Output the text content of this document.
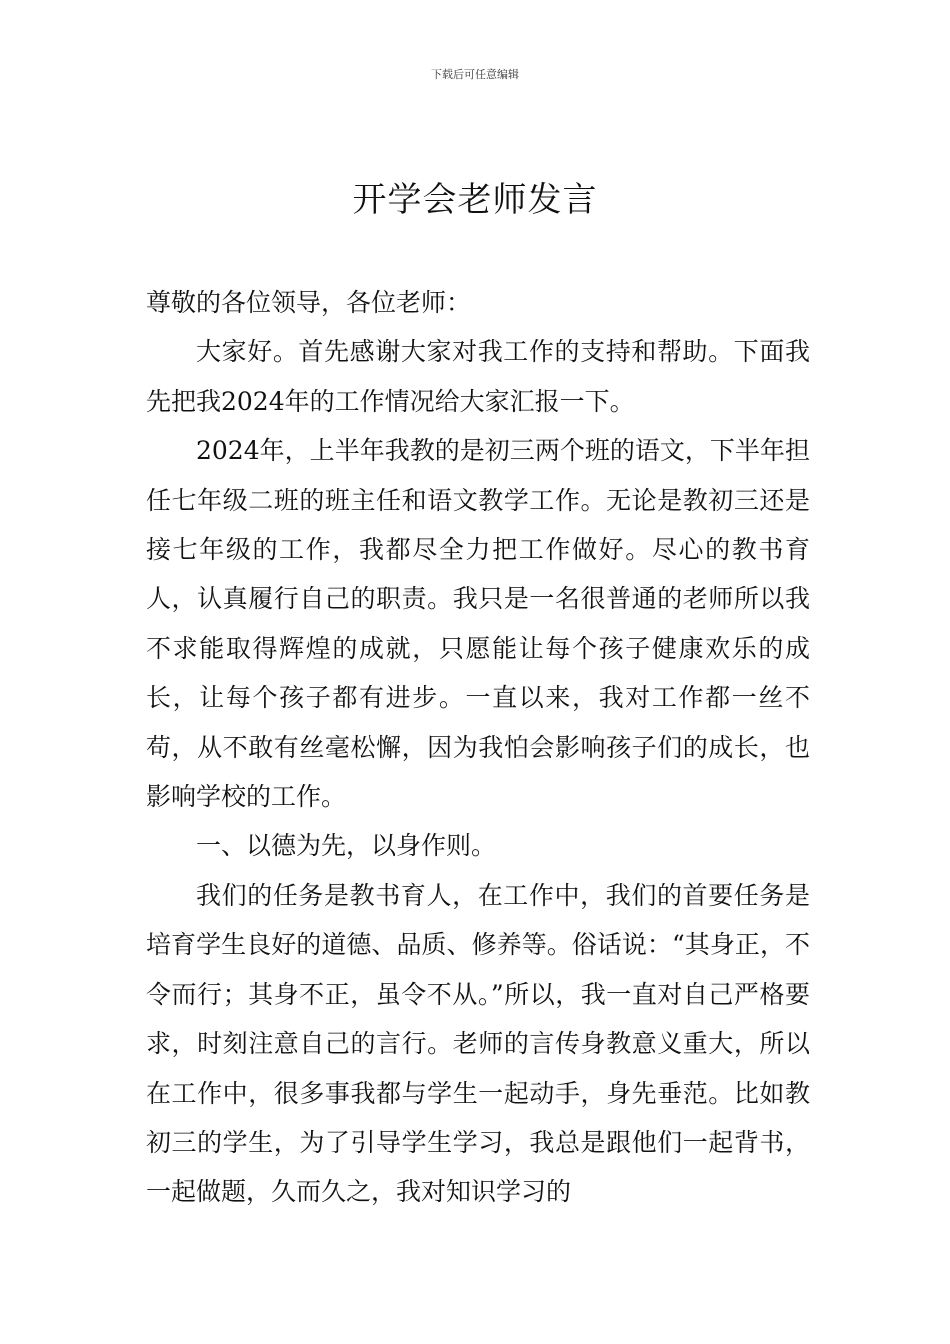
下载后可任意编辑
开学会老师发言

尊敬的各位领导，各位老师：

大家好。首先感谢大家对我工作的支持和帮助。下面我先把我2024年的工作情况给大家汇报一下。

2024年，上半年我教的是初三两个班的语文，下半年担任七年级二班的班主任和语文教学工作。无论是教初三还是接七年级的工作，我都尽全力把工作做好。尽心的教书育人，认真履行自己的职责。我只是一名很普通的老师所以我不求能取得辉煌的成就，只愿能让每个孩子健康欢乐的成长，让每个孩子都有进步。一直以来，我对工作都一丝不苟，从不敢有丝毫松懈，因为我怕会影响孩子们的成长，也影响学校的工作。

一、以德为先，以身作则。

我们的任务是教书育人，在工作中，我们的首要任务是培育学生良好的道德、品质、修养等。俗话说：“其身正，不令而行；其身不正，虽令不从。”所以，我一直对自己严格要求，时刻注意自己的言行。老师的言传身教意义重大，所以在工作中，很多事我都与学生一起动手，身先垂范。比如教初三的学生，为了引导学生学习，我总是跟他们一起背书，一起做题，久而久之，我对知识学习的
